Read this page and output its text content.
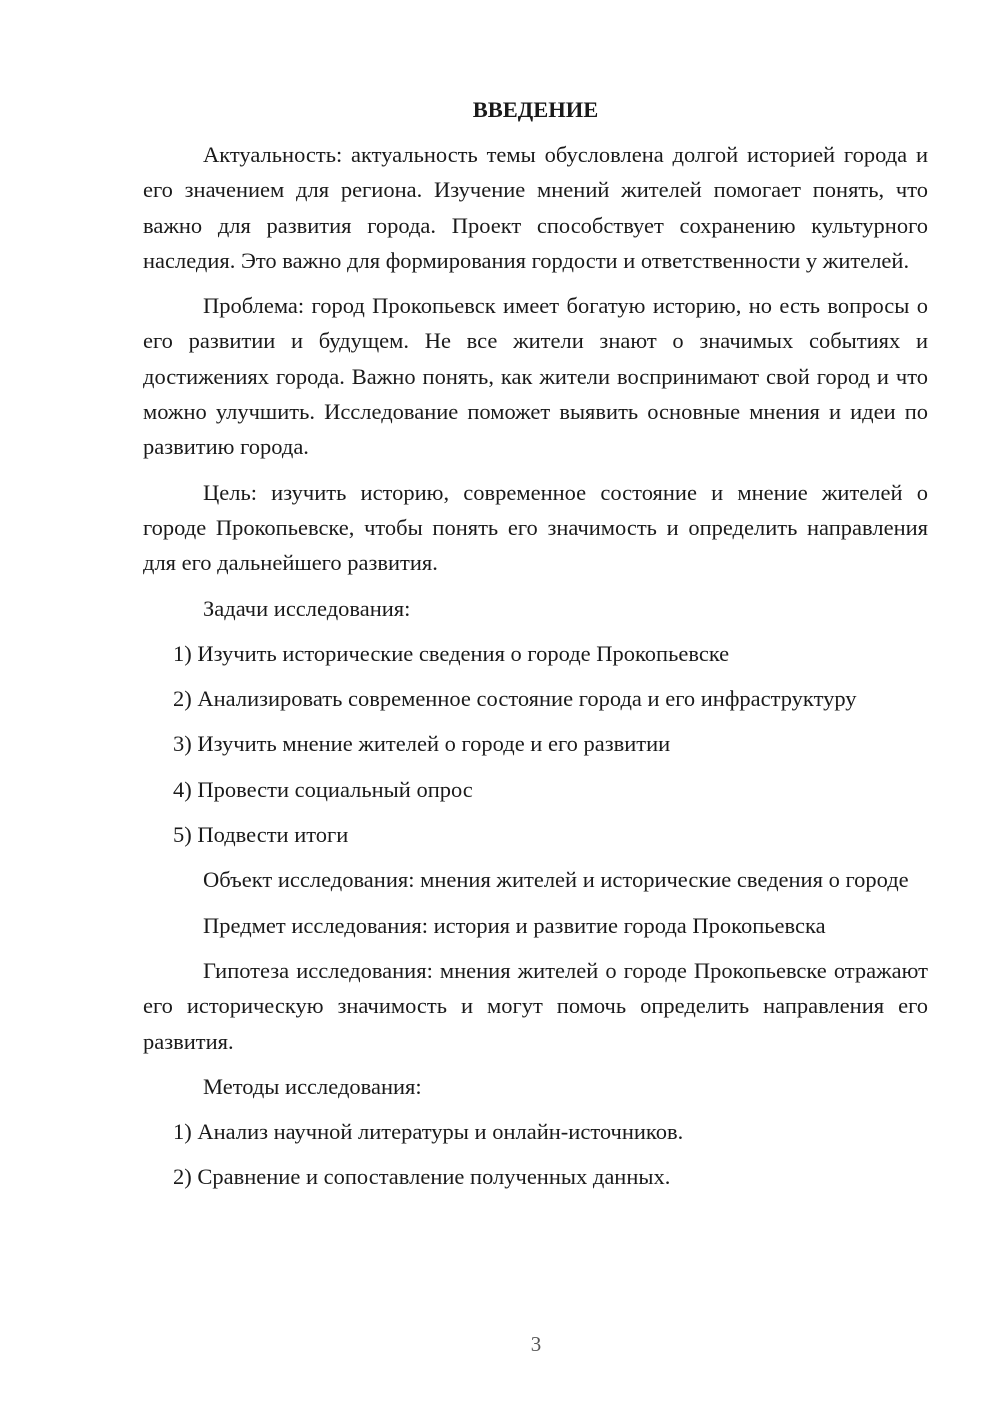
ВВЕДЕНИЕ

Актуальность: актуальность темы обусловлена долгой историей города и его значением для региона. Изучение мнений жителей помогает понять, что важно для развития города. Проект способствует сохранению культурного наследия. Это важно для формирования гордости и ответственности у жителей.

Проблема: город Прокопьевск имеет богатую историю, но есть вопросы о его развитии и будущем. Не все жители знают о значимых событиях и достижениях города. Важно понять, как жители воспринимают свой город и что можно улучшить. Исследование поможет выявить основные мнения и идеи по развитию города.

Цель: изучить историю, современное состояние и мнение жителей о городе Прокопьевске, чтобы понять его значимость и определить направления для его дальнейшего развития.

Задачи исследования:

1) Изучить исторические сведения о городе Прокопьевске

2) Анализировать современное состояние города и его инфраструктуру

3) Изучить мнение жителей о городе и его развитии

4) Провести социальный опрос

5) Подвести итоги

Объект исследования: мнения жителей и исторические сведения о городе

Предмет исследования: история и развитие города Прокопьевска

Гипотеза исследования: мнения жителей о городе Прокопьевске отражают его историческую значимость и могут помочь определить направления его развития.

Методы исследования:

1) Анализ научной литературы и онлайн-источников.

2) Сравнение и сопоставление полученных данных.

3
